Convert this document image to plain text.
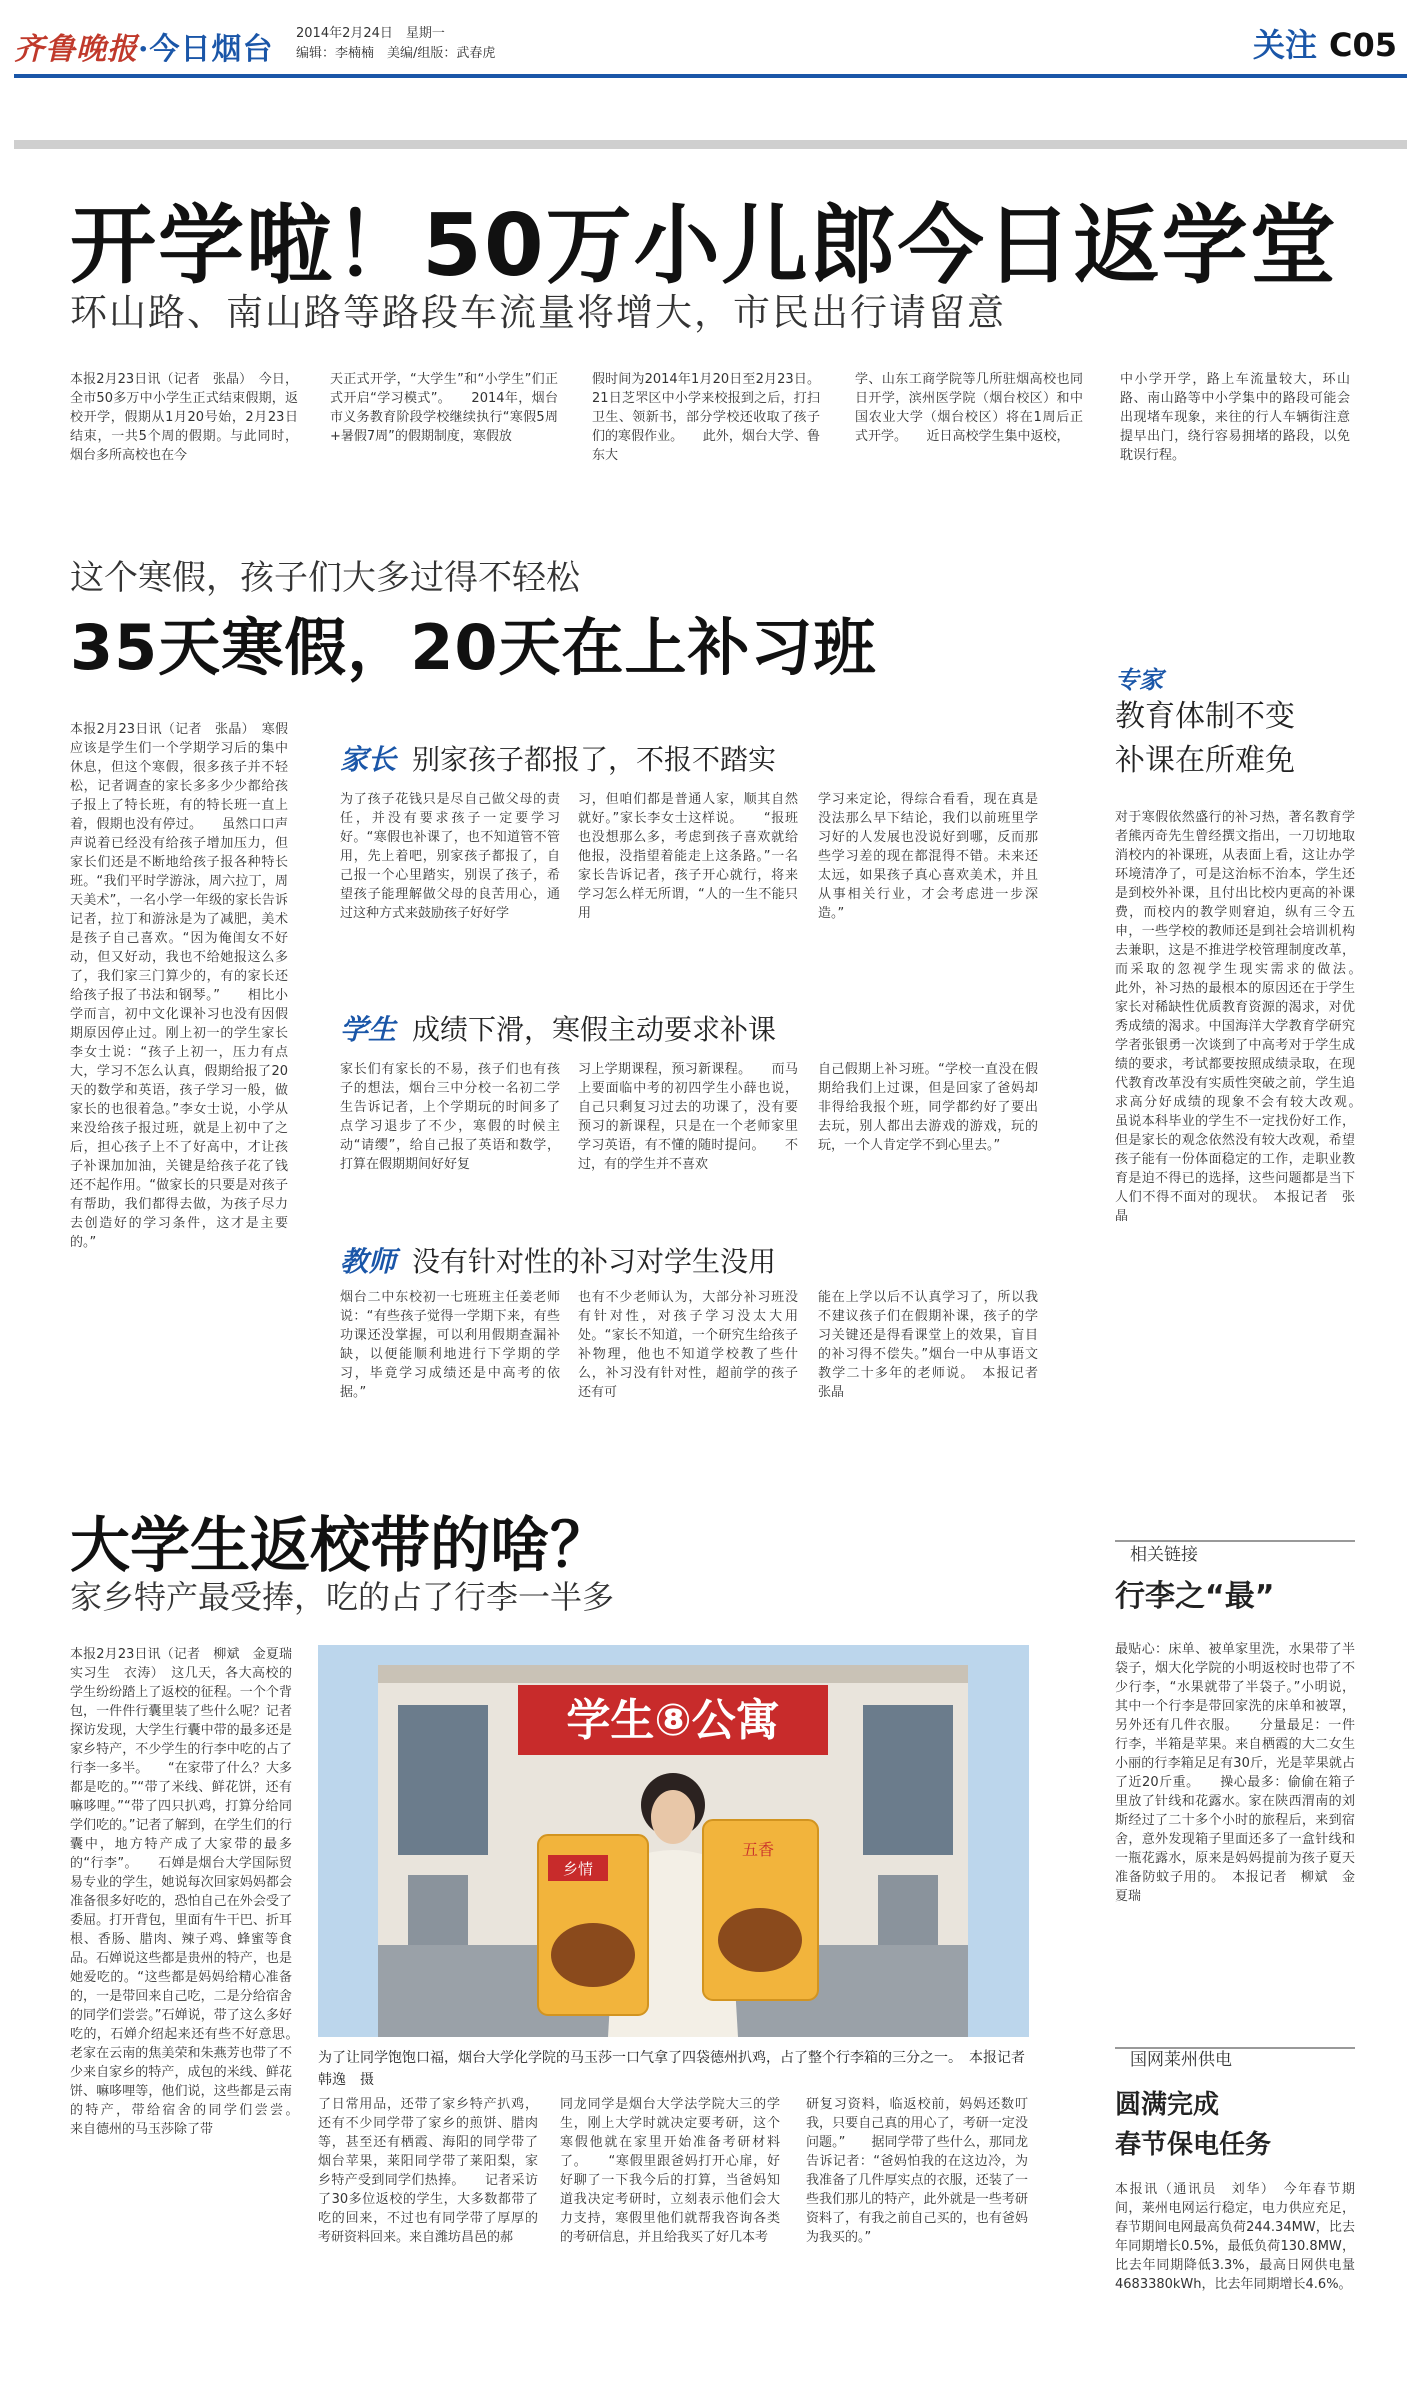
齐鲁晚报·今日烟台 2014年2月24日　星期一
编辑：李楠楠　美编/组版：武春虎	关注 C05
开学啦！50万小儿郎今日返学堂
环山路、南山路等路段车流量将增大，市民出行请留意
本报2月23日讯（记者　张晶）　今日，全市50多万中小学生正式结束假期，返校开学，假期从1月20号始，2月23日结束，一共5个周的假期。与此同时，烟台多所高校也在今
天正式开学，“大学生”和“小学生”们正式开启“学习模式”。　　2014年，烟台市义务教育阶段学校继续执行“寒假5周+暑假7周”的假期制度，寒假放
假时间为2014年1月20日至2月23日。21日芝罘区中小学来校报到之后，打扫卫生、领新书，部分学校还收取了孩子们的寒假作业。　　此外，烟台大学、鲁东大
学、山东工商学院等几所驻烟高校也同日开学，滨州医学院（烟台校区）和中国农业大学（烟台校区）将在1周后正式开学。　　近日高校学生集中返校，
中小学开学，路上车流量较大，环山路、南山路等中小学集中的路段可能会出现堵车现象，来往的行人车辆街注意提早出门，绕行容易拥堵的路段，以免耽误行程。
这个寒假，孩子们大多过得不轻松
35天寒假，20天在上补习班
本报2月23日讯（记者　张晶）　寒假应该是学生们一个学期学习后的集中休息，但这个寒假，很多孩子并不轻松，记者调查的家长多多少少都给孩子报上了特长班，有的特长班一直上着，假期也没有停过。　　虽然口口声声说着已经没有给孩子增加压力，但家长们还是不断地给孩子报各种特长班。“我们平时学游泳，周六拉丁，周天美术”，一名小学一年级的家长告诉记者，拉丁和游泳是为了减肥，美术是孩子自己喜欢。“因为俺闺女不好动，但又好动，我也不给她报这么多了，我们家三门算少的，有的家长还给孩子报了书法和钢琴。”　　相比小学而言，初中文化课补习也没有因假期原因停止过。刚上初一的学生家长李女士说：“孩子上初一，压力有点大，学习不怎么认真，假期给报了20天的数学和英语，孩子学习一般，做家长的也很着急。”李女士说，小学从来没给孩子报过班，就是上初中了之后，担心孩子上不了好高中，才让孩子补课加加油，关键是给孩子花了钱还不起作用。“做家长的只要是对孩子有帮助，我们都得去做，为孩子尽力去创造好的学习条件，这才是主要的。”
家长 别家孩子都报了，不报不踏实
为了孩子花钱只是尽自己做父母的责任，并没有要求孩子一定要学习好。“寒假也补课了，也不知道管不管用，先上着吧，别家孩子都报了，自己报一个心里踏实，别误了孩子，希望孩子能理解做父母的良苦用心，通过这种方式来鼓励孩子好好学
习，但咱们都是普通人家，顺其自然就好。”家长李女士这样说。　　“报班也没想那么多，考虑到孩子喜欢就给他报，没指望着能走上这条路。”一名家长告诉记者，孩子开心就行，将来学习怎么样无所谓，“人的一生不能只用
学习来定论，得综合看看，现在真是没法那么早下结论，我们以前班里学习好的人发展也没说好到哪，反而那些学习差的现在都混得不错。未来还太远，如果孩子真心喜欢美术，并且从事相关行业，才会考虑进一步深造。”
学生 成绩下滑，寒假主动要求补课
家长们有家长的不易，孩子们也有孩子的想法，烟台三中分校一名初二学生告诉记者，上个学期玩的时间多了点学习退步了不少，寒假的时候主动“请缨”，给自己报了英语和数学，打算在假期期间好好复
习上学期课程，预习新课程。　　而马上要面临中考的初四学生小薛也说，自己只剩复习过去的功课了，没有要预习的新课程，只是在一个老师家里学习英语，有不懂的随时提问。　　不过，有的学生并不喜欢
自己假期上补习班。“学校一直没在假期给我们上过课，但是回家了爸妈却非得给我报个班，同学都约好了要出去玩，别人都出去游戏的游戏，玩的玩，一个人肯定学不到心里去。”
教师 没有针对性的补习对学生没用
烟台二中东校初一七班班主任姜老师说：“有些孩子觉得一学期下来，有些功课还没掌握，可以利用假期查漏补缺，以便能顺利地进行下学期的学习，毕竟学习成绩还是中高考的依据。”
也有不少老师认为，大部分补习班没有针对性，对孩子学习没太大用处。“家长不知道，一个研究生给孩子补物理，他也不知道学校教了些什么，补习没有针对性，超前学的孩子还有可
能在上学以后不认真学习了，所以我不建议孩子们在假期补课，孩子的学习关键还是得看课堂上的效果，盲目的补习得不偿失。”烟台一中从事语文教学二十多年的老师说。　本报记者　张晶
专家
教育体制不变
补课在所难免
对于寒假依然盛行的补习热，著名教育学者熊丙奇先生曾经撰文指出，一刀切地取消校内的补课班，从表面上看，这让办学环境清净了，可是这治标不治本，学生还是到校外补课，且付出比校内更高的补课费，而校内的教学则窘迫，纵有三令五申，一些学校的教师还是到社会培训机构去兼职，这是不推进学校管理制度改革，而采取的忽视学生现实需求的做法。　　此外，补习热的最根本的原因还在于学生家长对稀缺性优质教育资源的渴求，对优秀成绩的渴求。中国海洋大学教育学研究学者张银勇一次谈到了中高考对于学生成绩的要求，考试都要按照成绩录取，在现代教育改革没有实质性突破之前，学生追求高分好成绩的现象不会有较大改观。　　虽说本科毕业的学生不一定找份好工作，但是家长的观念依然没有较大改观，希望孩子能有一份体面稳定的工作，走职业教育是迫不得已的选择，这些问题都是当下人们不得不面对的现状。　本报记者　张晶
大学生返校带的啥？
家乡特产最受捧，吃的占了行李一半多
本报2月23日讯（记者　柳斌　金夏瑞　实习生　衣涛）　这几天，各大高校的学生纷纷踏上了返校的征程。一个个背包，一件件行囊里装了些什么呢？记者探访发现，大学生行囊中带的最多还是家乡特产，不少学生的行李中吃的占了行李一多半。　　“在家带了什么？大多都是吃的。”“带了米线、鲜花饼，还有嘛哆哩。”“带了四只扒鸡，打算分给同学们吃的。”记者了解到，在学生们的行囊中，地方特产成了大家带的最多的“行李”。　　石婵是烟台大学国际贸易专业的学生，她说每次回家妈妈都会准备很多好吃的，恐怕自己在外会受了委屈。打开背包，里面有牛干巴、折耳根、香肠、腊肉、辣子鸡、蜂蜜等食品。石婵说这些都是贵州的特产，也是她爱吃的。“这些都是妈妈给精心准备的，一是带回来自己吃，二是分给宿舍的同学们尝尝。”石婵说，带了这么多好吃的，石婵介绍起来还有些不好意思。　　老家在云南的焦美荣和朱燕芳也带了不少来自家乡的特产，成包的米线、鲜花饼、嘛哆哩等，他们说，这些都是云南的特产，带给宿舍的同学们尝尝。　　来自德州的马玉莎除了带
学生⑧公寓
乡情
五香
为了让同学饱饱口福，烟台大学化学院的马玉莎一口气拿了四袋德州扒鸡，占了整个行李箱的三分之一。　本报记者　韩逸　摄
了日常用品，还带了家乡特产扒鸡，还有不少同学带了家乡的煎饼、腊肉等，甚至还有栖霞、海阳的同学带了烟台苹果，莱阳同学带了莱阳梨，家乡特产受到同学们热捧。　　记者采访了30多位返校的学生，大多数都带了吃的回来，不过也有同学带了厚厚的考研资料回来。来自潍坊昌邑的郝
同龙同学是烟台大学法学院大三的学生，刚上大学时就决定要考研，这个寒假他就在家里开始准备考研材料了。　　“寒假里跟爸妈打开心扉，好好聊了一下我今后的打算，当爸妈知道我决定考研时，立刻表示他们会大力支持，寒假里他们就帮我咨询各类的考研信息，并且给我买了好几本考
研复习资料，临返校前，妈妈还数叮我，只要自己真的用心了，考研一定没问题。”　　据同学带了些什么，那同龙告诉记者：“爸妈怕我的在这边冷，为我准备了几件厚实点的衣服，还装了一些我们那儿的特产，此外就是一些考研资料了，有我之前自己买的，也有爸妈为我买的。”
相关链接
行李之“最”
最贴心：床单、被单家里洗，水果带了半袋子，烟大化学院的小明返校时也带了不少行李，“水果就带了半袋子。”小明说，其中一个行李是带回家洗的床单和被罩，另外还有几件衣服。　　分量最足：一件行李，半箱是苹果。来自栖霞的大二女生小丽的行李箱足足有30斤，光是苹果就占了近20斤重。　　操心最多：偷偷在箱子里放了针线和花露水。家在陕西渭南的刘斯经过了二十多个小时的旅程后，来到宿舍，意外发现箱子里面还多了一盒针线和一瓶花露水，原来是妈妈提前为孩子夏天准备防蚊子用的。　本报记者　柳斌　金夏瑞
国网莱州供电
圆满完成
春节保电任务
本报讯（通讯员　刘华）　今年春节期间，莱州电网运行稳定，电力供应充足，春节期间电网最高负荷244.34MW，比去年同期增长0.5%，最低负荷130.8MW，比去年同期降低3.3%，最高日网供电量4683380kWh，比去年同期增长4.6%。
